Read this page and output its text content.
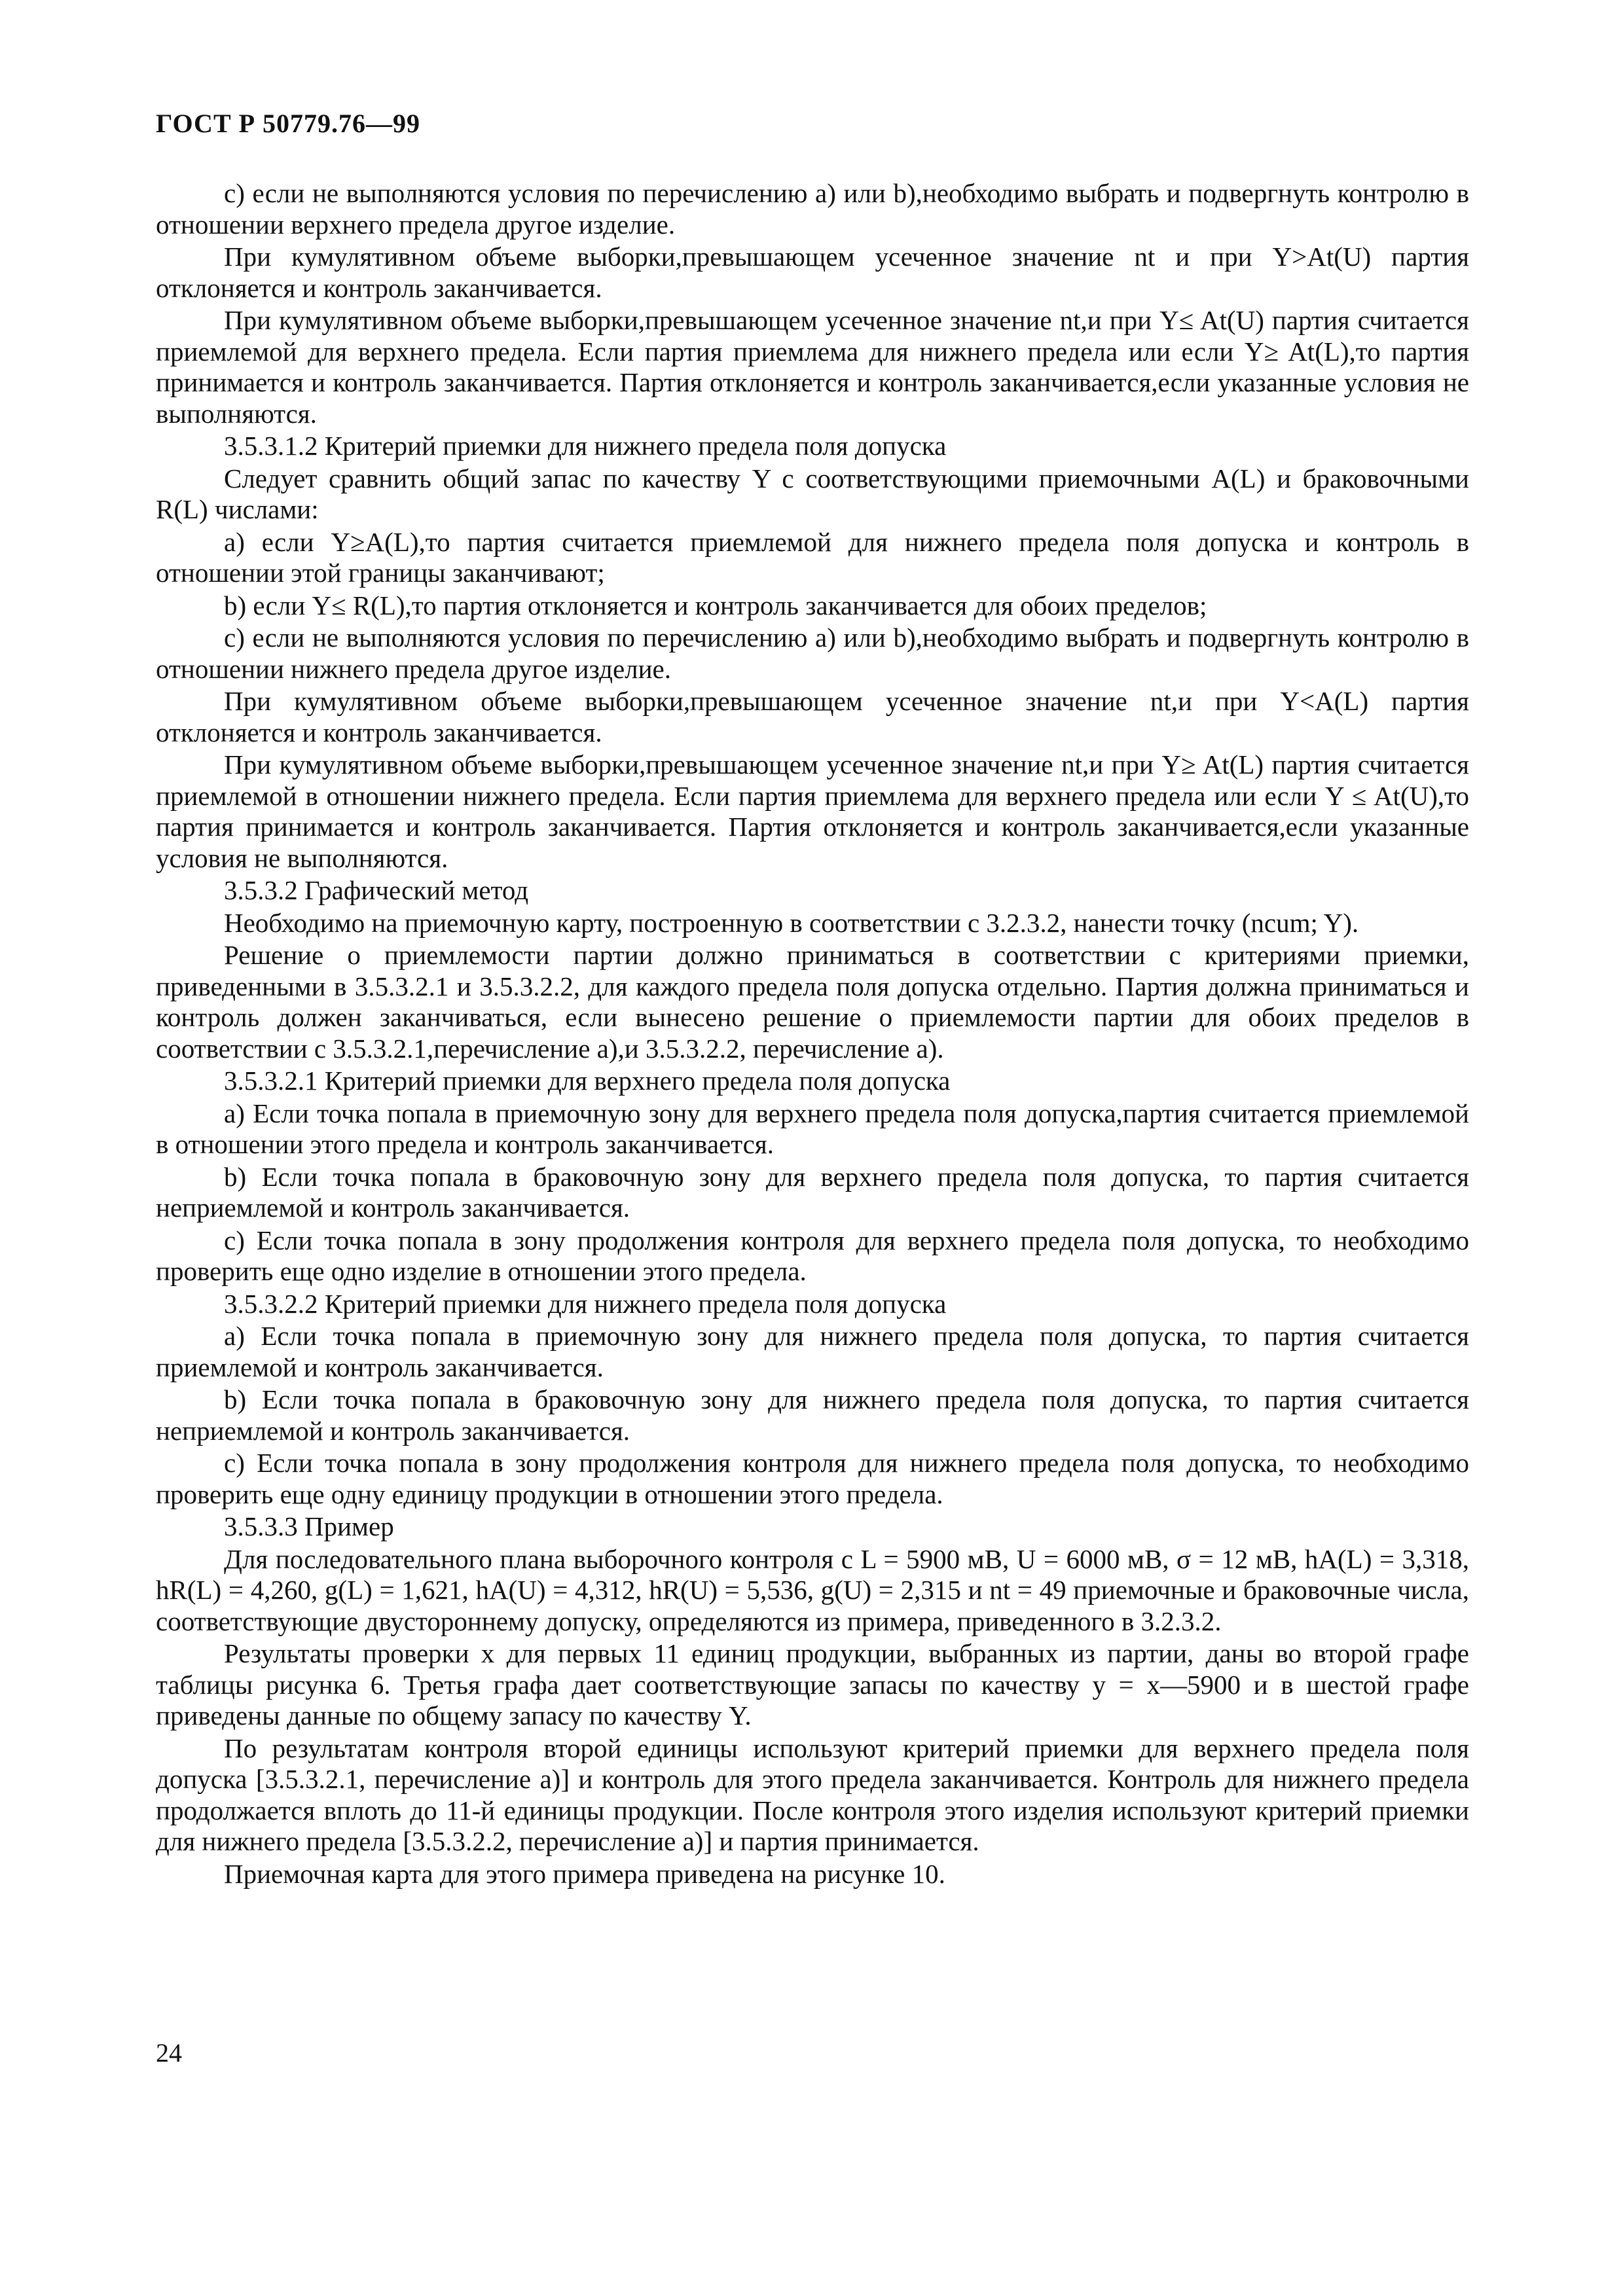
ГОСТ Р 50779.76—99

c) если не выполняются условия по перечислению a) или b),необходимо выбрать и подвергнуть контролю в отношении верхнего предела другое изделие.

При кумулятивном объеме выборки,превышающем усеченное значение nt и при Y>At(U) партия отклоняется и контроль заканчивается.

При кумулятивном объеме выборки,превышающем усеченное значение nt,и при Y≤ At(U) партия считается приемлемой для верхнего предела. Если партия приемлема для нижнего предела или если Y≥ At(L),то партия принимается и контроль заканчивается. Партия отклоняется и контроль заканчивается,если указанные условия не выполняются.

3.5.3.1.2 Критерий приемки для нижнего предела поля допуска

Следует сравнить общий запас по качеству Y с соответствующими приемочными A(L) и браковочными R(L) числами:

a) если Y≥A(L),то партия считается приемлемой для нижнего предела поля допуска и контроль в отношении этой границы заканчивают;

b) если Y≤ R(L),то партия отклоняется и контроль заканчивается для обоих пределов;

c) если не выполняются условия по перечислению a) или b),необходимо выбрать и подвергнуть контролю в отношении нижнего предела другое изделие.

При кумулятивном объеме выборки,превышающем усеченное значение nt,и при Y<A(L) партия отклоняется и контроль заканчивается.

При кумулятивном объеме выборки,превышающем усеченное значение nt,и при Y≥ At(L) партия считается приемлемой в отношении нижнего предела. Если партия приемлема для верхнего предела или если Y ≤ At(U),то партия принимается и контроль заканчивается. Партия отклоняется и контроль заканчивается,если указанные условия не выполняются.

3.5.3.2 Графический метод

Необходимо на приемочную карту, построенную в соответствии с 3.2.3.2, нанести точку (ncum; Y).

Решение о приемлемости партии должно приниматься в соответствии с критериями приемки, приведенными в 3.5.3.2.1 и 3.5.3.2.2, для каждого предела поля допуска отдельно. Партия должна приниматься и контроль должен заканчиваться, если вынесено решение о приемлемости партии для обоих пределов в соответствии с 3.5.3.2.1,перечисление a),и 3.5.3.2.2, перечисление a).

3.5.3.2.1 Критерий приемки для верхнего предела поля допуска

a) Если точка попала в приемочную зону для верхнего предела поля допуска,партия считается приемлемой в отношении этого предела и контроль заканчивается.

b) Если точка попала в браковочную зону для верхнего предела поля допуска, то партия считается неприемлемой и контроль заканчивается.

c) Если точка попала в зону продолжения контроля для верхнего предела поля допуска, то необходимо проверить еще одно изделие в отношении этого предела.

3.5.3.2.2 Критерий приемки для нижнего предела поля допуска

a) Если точка попала в приемочную зону для нижнего предела поля допуска, то партия считается приемлемой и контроль заканчивается.

b) Если точка попала в браковочную зону для нижнего предела поля допуска, то партия считается неприемлемой и контроль заканчивается.

c) Если точка попала в зону продолжения контроля для нижнего предела поля допуска, то необходимо проверить еще одну единицу продукции в отношении этого предела.

3.5.3.3 Пример

Для последовательного плана выборочного контроля с L = 5900 мВ, U = 6000 мВ, σ = 12 мВ, hA(L) = 3,318, hR(L) = 4,260, g(L) = 1,621, hA(U) = 4,312, hR(U) = 5,536, g(U) = 2,315 и nt = 49 приемочные и браковочные числа, соответствующие двустороннему допуску, определяются из примера, приведенного в 3.2.3.2.

Результаты проверки x для первых 11 единиц продукции, выбранных из партии, даны во второй графе таблицы рисунка 6. Третья графа дает соответствующие запасы по качеству y = x—5900 и в шестой графе приведены данные по общему запасу по качеству Y.

По результатам контроля второй единицы используют критерий приемки для верхнего предела поля допуска [3.5.3.2.1, перечисление a)] и контроль для этого предела заканчивается. Контроль для нижнего предела продолжается вплоть до 11-й единицы продукции. После контроля этого изделия используют критерий приемки для нижнего предела [3.5.3.2.2, перечисление a)] и партия принимается.

Приемочная карта для этого примера приведена на рисунке 10.

24
